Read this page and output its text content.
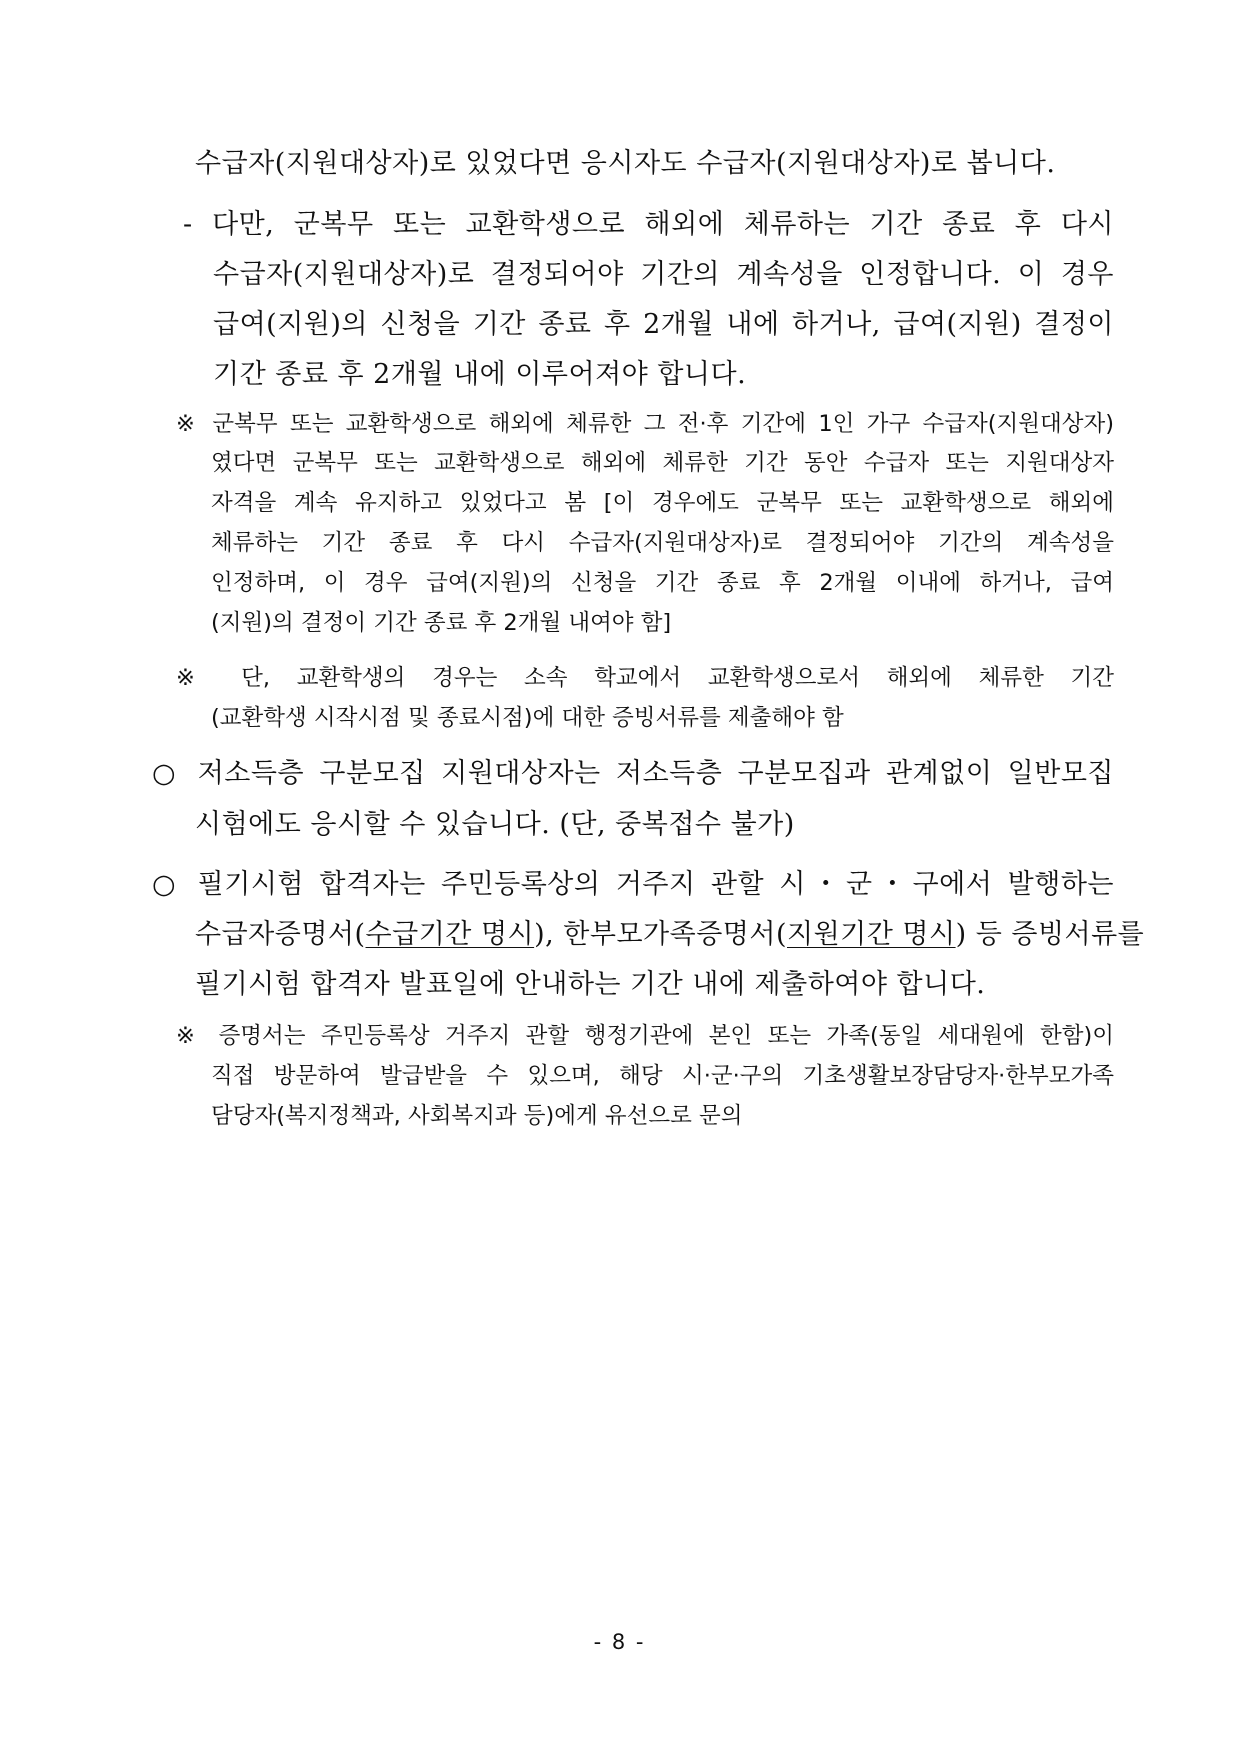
수급자(지원대상자)로 있었다면 응시자도 수급자(지원대상자)로 봅니다.
- 다만, 군복무 또는 교환학생으로 해외에 체류하는 기간 종료 후 다시
수급자(지원대상자)로 결정되어야 기간의 계속성을 인정합니다. 이 경우
급여(지원)의 신청을 기간 종료 후 2개월 내에 하거나, 급여(지원) 결정이
기간 종료 후 2개월 내에 이루어져야 합니다.
※ 군복무 또는 교환학생으로 해외에 체류한 그 전·후 기간에 1인 가구 수급자(지원대상자)
였다면 군복무 또는 교환학생으로 해외에 체류한 기간 동안 수급자 또는 지원대상자
자격을 계속 유지하고 있었다고 봄 [이 경우에도 군복무 또는 교환학생으로 해외에
체류하는 기간 종료 후 다시 수급자(지원대상자)로 결정되어야 기간의 계속성을
인정하며, 이 경우 급여(지원)의 신청을 기간 종료 후 2개월 이내에 하거나, 급여
(지원)의 결정이 기간 종료 후 2개월 내여야 함]
※ 단, 교환학생의 경우는 소속 학교에서 교환학생으로서 해외에 체류한 기간
(교환학생 시작시점 및 종료시점)에 대한 증빙서류를 제출해야 함
○ 저소득층 구분모집 지원대상자는 저소득층 구분모집과 관계없이 일반모집
시험에도 응시할 수 있습니다. (단, 중복접수 불가)
○ 필기시험 합격자는 주민등록상의 거주지 관할 시・군・구에서 발행하는
수급자증명서(수급기간 명시), 한부모가족증명서(지원기간 명시 ) 등 증빙서류를
필기시험 합격자 발표일에 안내하는 기간 내에 제출하여야 합니다.
※ 증명서는 주민등록상 거주지 관할 행정기관에 본인 또는 가족(동일 세대원에 한함)이
직접 방문하여 발급받을 수 있으며, 해당 시·군·구의 기초생활보장담당자·한부모가족
담당자(복지정책과, 사회복지과 등)에게 유선으로 문의
- 8 -
